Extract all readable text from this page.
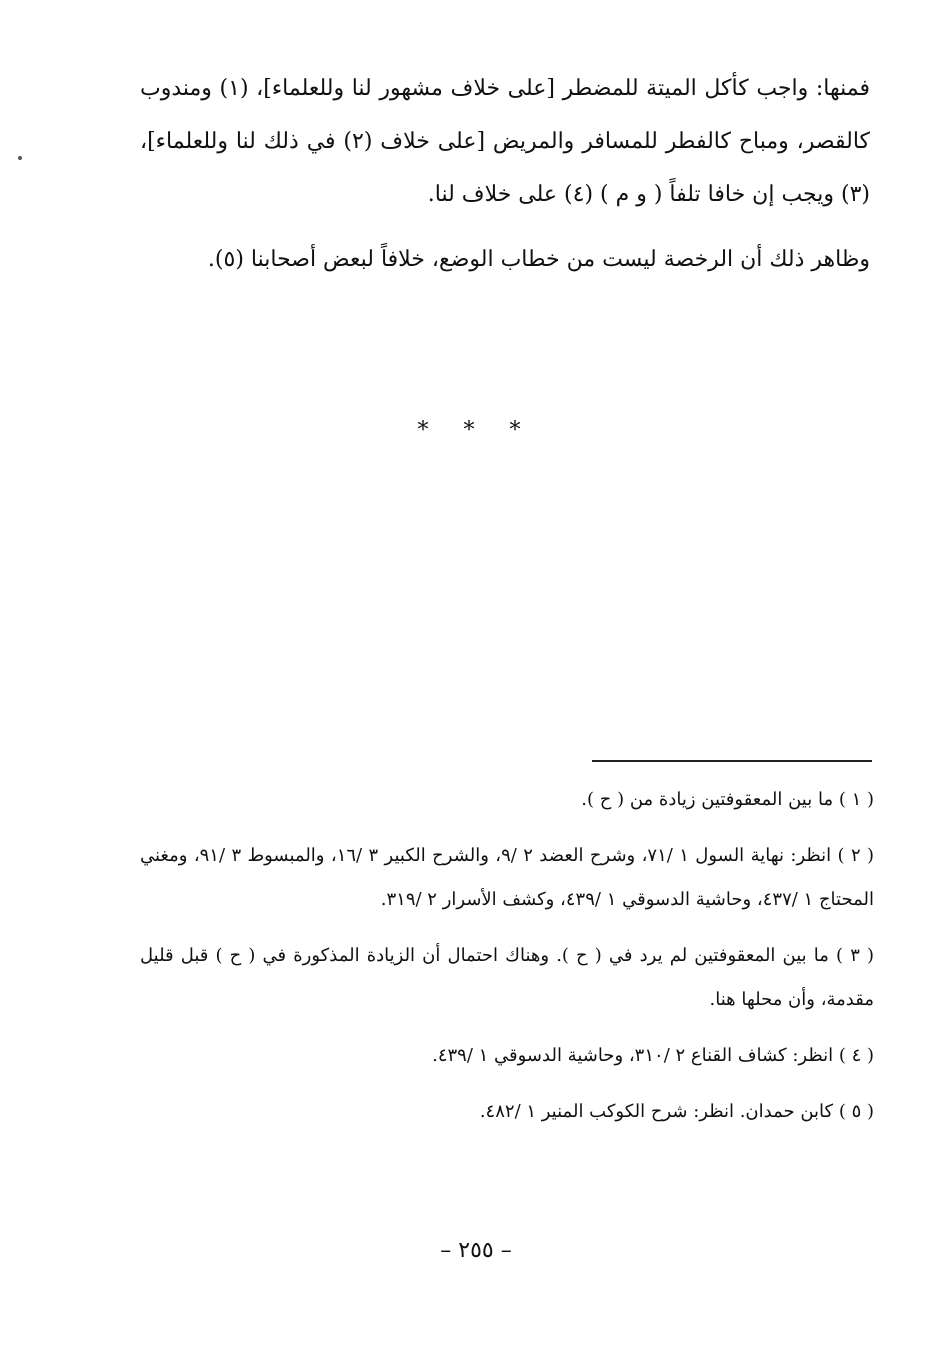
فمنها: واجب كأكل الميتة للمضطر [على خلاف مشهور لنا وللعلماء]، (١) ومندوب كالقصر، ومباح كالفطر للمسافر والمريض [على خلاف (٢) في ذلك لنا وللعلماء]، (٣) ويجب إن خافا تلفاً ( و م ) (٤) على خلاف لنا.

وظاهر ذلك أن الرخصة ليست من خطاب الوضع، خلافاً لبعض أصحابنا (٥).

* * *

( ١ ) ما بين المعقوفتين زيادة من ( ح ).

( ٢ ) انظر: نهاية السول ١ /٧١، وشرح العضد ٢ /٩، والشرح الكبير ٣ /١٦، والمبسوط ٣ /٩١، ومغني المحتاج ١ /٤٣٧، وحاشية الدسوقي ١ /٤٣٩، وكشف الأسرار ٢ /٣١٩.

( ٣ ) ما بين المعقوفتين لم يرد في ( ح ). وهناك احتمال أن الزيادة المذكورة في ( ح ) قبل قليل مقدمة، وأن محلها هنا.

( ٤ ) انظر: كشاف القناع ٢ /٣١٠، وحاشية الدسوقي ١ /٤٣٩.

( ٥ ) كابن حمدان. انظر: شرح الكوكب المنير ١ /٤٨٢.

– ٢٥٥ –
